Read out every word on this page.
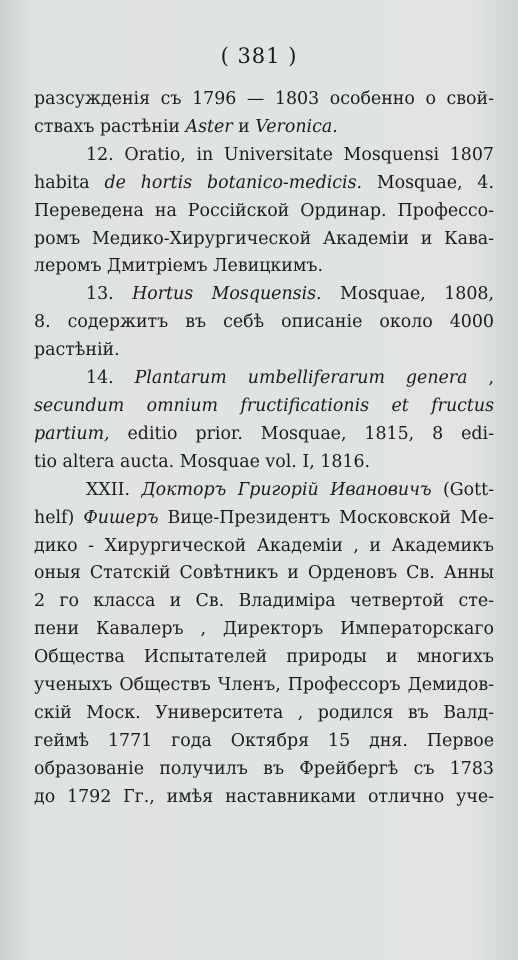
( 381 )
разсужденія съ 1796 — 1803 особенно о свой-
ствахъ растѣніи Aster и Veronica.
12. Oratio, in Universitate Mosquensi 1807
habita de hortis botanico-medicis. Mosquae, 4.
Переведена на Россійской Ординар. Профессо-
ромъ Медико-Хирургической Академіи и Кава-
леромъ Дмитріемъ Левицкимъ.
13. Hortus Mosquensis. Mosquae, 1808,
8. содержитъ въ себѣ описаніе около 4000
растѣній.
14. Plantarum umbelliferarum genera ,
secundum omnium fructificationis et fructus
partium, editio prior. Mosquae, 1815, 8 edi-
tio altera aucta. Mosquae vol. I, 1816.
XXII. Докторъ Григорій Ивановичъ (Gott-
helf) Фишеръ Вице-Президентъ Московской Ме-
дико - Хирургической Академіи , и Академикъ
оныя Статскій Совѣтникъ и Орденовъ Св. Анны
2 го класса и Св. Владиміра четвертой сте-
пени Кавалеръ , Директоръ Императорскаго
Общества Испытателей природы и многихъ
ученыхъ Обществъ Членъ, Профессоръ Демидов-
скій Моск. Университета , родился въ Валд-
геймѣ 1771 года Октября 15 дня. Первое
образованіе получилъ въ Фрейбергѣ съ 1783
до 1792 Гг., имѣя наставниками отлично уче-
